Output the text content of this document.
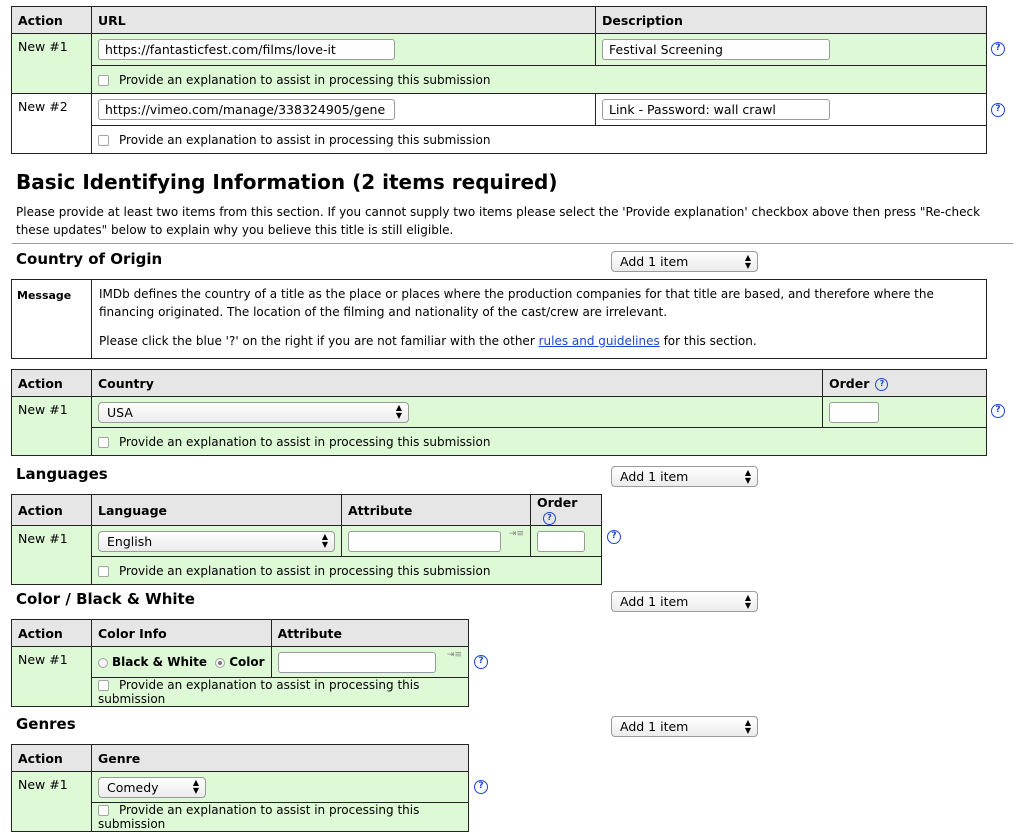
Action	URL	Description
New #1	https://fantasticfest.com/films/love-it	Festival Screening
	Provide an explanation to assist in processing this submission	
New #2	https://vimeo.com/manage/338324905/gene	Link - Password: wall crawl
	Provide an explanation to assist in processing this submission	
?
?
Basic Identifying Information (2 items required)
Please provide at least two items from this section. If you cannot supply two items please select the 'Provide explanation' checkbox above then press "Re-check these updates" below to explain why you believe this title is still eligible.
Country of Origin	Add 1 item	▲
▼
Message	IMDb defines the country of a title as the place or places where the production companies for that title are based, and therefore where the financing originated. The location of the filming and nationality of the cast/crew are irrelevant.

Please click the blue '?' on the right if you are not familiar with the other rules and guidelines for this section.

Action	Country	Order ?
New #1	USA ▲
▼	

	Provide an explanation to assist in processing this submission	
?
Languages	Add 1 item	▲
▼
Action	Language	Attribute	Order?
New #1	English ▲
▼	⇥≡	

	Provide an explanation to assist in processing this submission		
?
Color / Black & White	Add 1 item	▲
▼
Action	Color Info	Attribute
New #1	Black & White Color	⇥≡

	Provide an explanation to assist in processing this submission	
?
Genres	Add 1 item	▲
▼
Action	Genre
New #1	Comedy ▲
▼

	Provide an explanation to assist in processing this submission
?
